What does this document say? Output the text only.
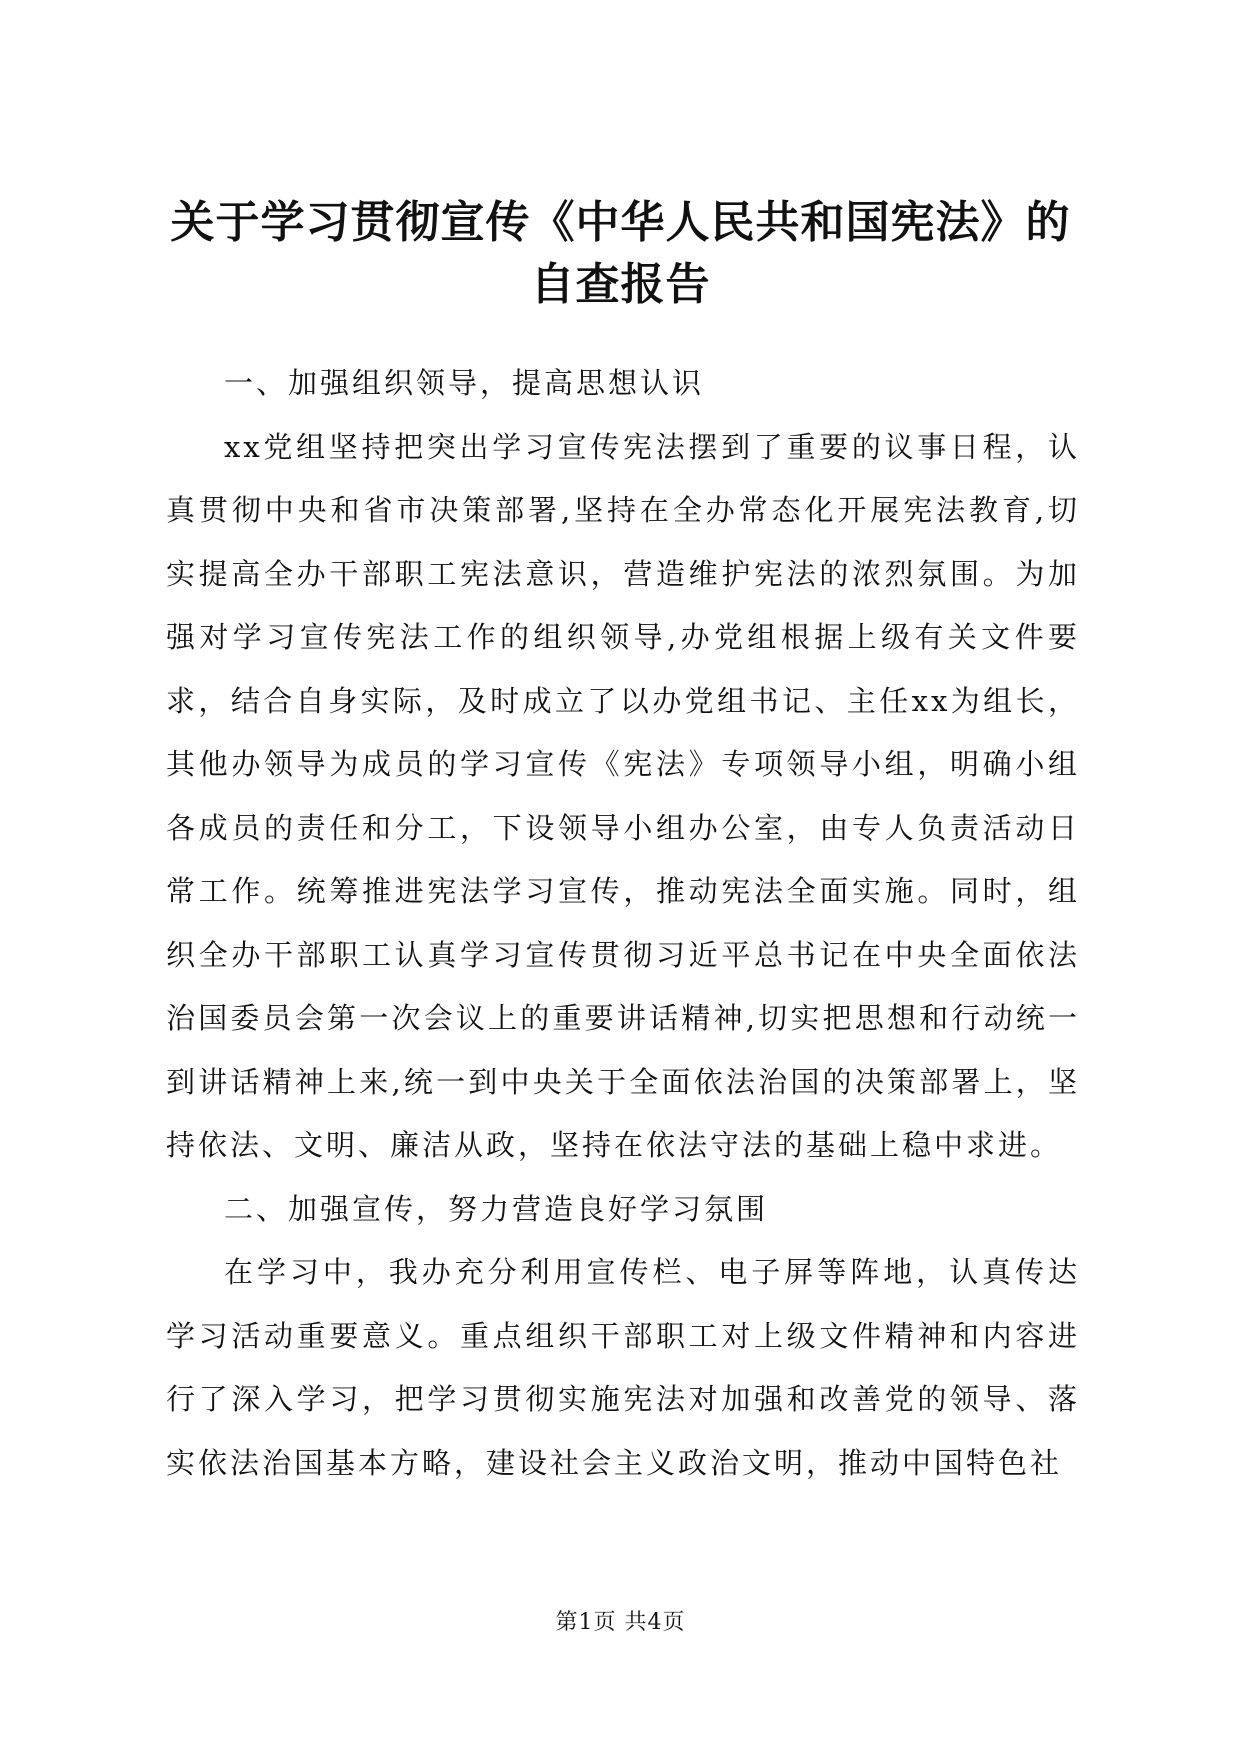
关于学习贯彻宣传《中华人民共和国宪法》的
自查报告

一、加强组织领导，提高思想认识

xx党组坚持把突出学习宣传宪法摆到了重要的议事日程，认真贯彻中央和省市决策部署,坚持在全办常态化开展宪法教育,切实提高全办干部职工宪法意识，营造维护宪法的浓烈氛围。为加强对学习宣传宪法工作的组织领导,办党组根据上级有关文件要求，结合自身实际，及时成立了以办党组书记、主任xx为组长，其他办领导为成员的学习宣传《宪法》专项领导小组，明确小组各成员的责任和分工，下设领导小组办公室，由专人负责活动日常工作。统筹推进宪法学习宣传，推动宪法全面实施。同时，组织全办干部职工认真学习宣传贯彻习近平总书记在中央全面依法治国委员会第一次会议上的重要讲话精神,切实把思想和行动统一到讲话精神上来,统一到中央关于全面依法治国的决策部署上，坚持依法、文明、廉洁从政，坚持在依法守法的基础上稳中求进。

二、加强宣传，努力营造良好学习氛围

在学习中，我办充分利用宣传栏、电子屏等阵地，认真传达学习活动重要意义。重点组织干部职工对上级文件精神和内容进行了深入学习，把学习贯彻实施宪法对加强和改善党的领导、落实依法治国基本方略，建设社会主义政治文明，推动中国特色社

第1页 共4页
